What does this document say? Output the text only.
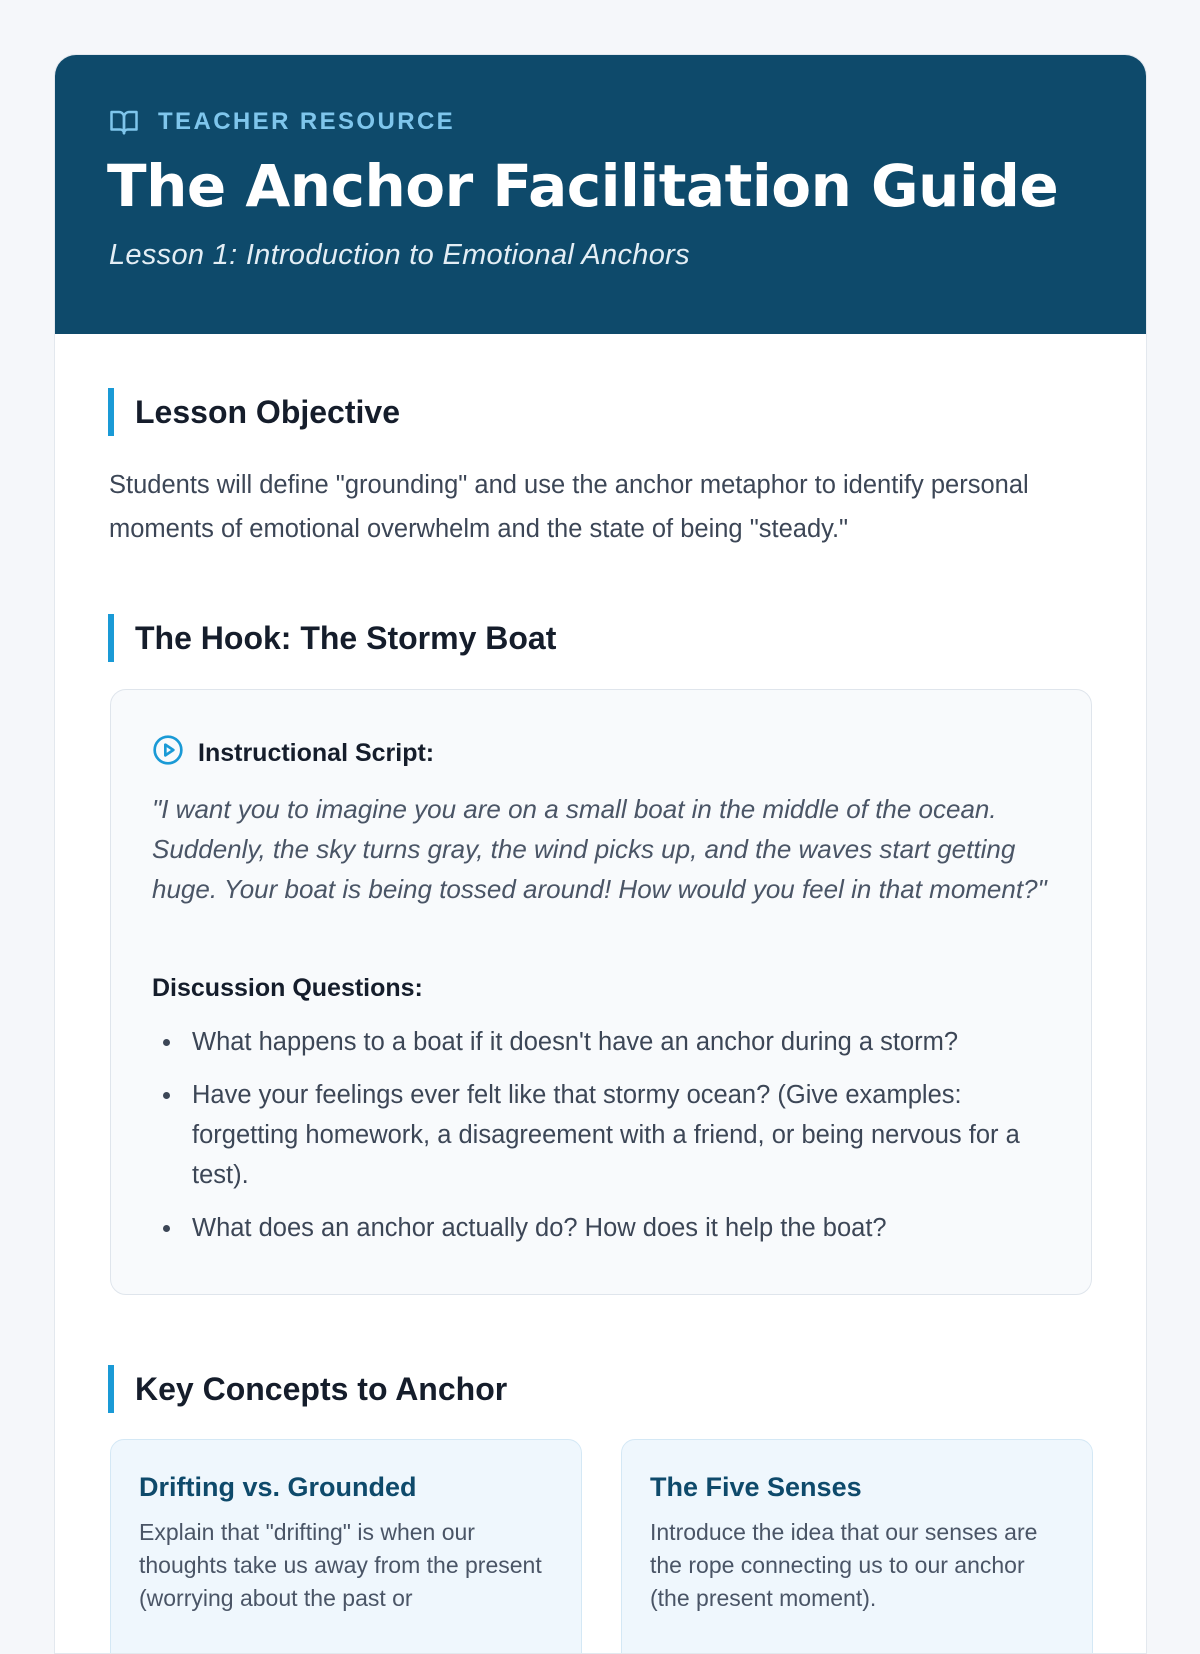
TEACHER RESOURCE
The Anchor Facilitation Guide
Lesson 1: Introduction to Emotional Anchors
Lesson Objective
Students will define "grounding" and use the anchor metaphor to identify personal moments of emotional overwhelm and the state of being "steady."
The Hook: The Stormy Boat
Instructional Script:
"I want you to imagine you are on a small boat in the middle of the ocean. Suddenly, the sky turns gray, the wind picks up, and the waves start getting huge. Your boat is being tossed around! How would you feel in that moment?"
Discussion Questions:
What happens to a boat if it doesn't have an anchor during a storm?
Have your feelings ever felt like that stormy ocean? (Give examples: forgetting homework, a disagreement with a friend, or being nervous for a test).
What does an anchor actually do? How does it help the boat?
Key Concepts to Anchor
Drifting vs. Grounded
Explain that "drifting" is when our thoughts take us away from the present (worrying about the past or
The Five Senses
Introduce the idea that our senses are the rope connecting us to our anchor (the present moment).
